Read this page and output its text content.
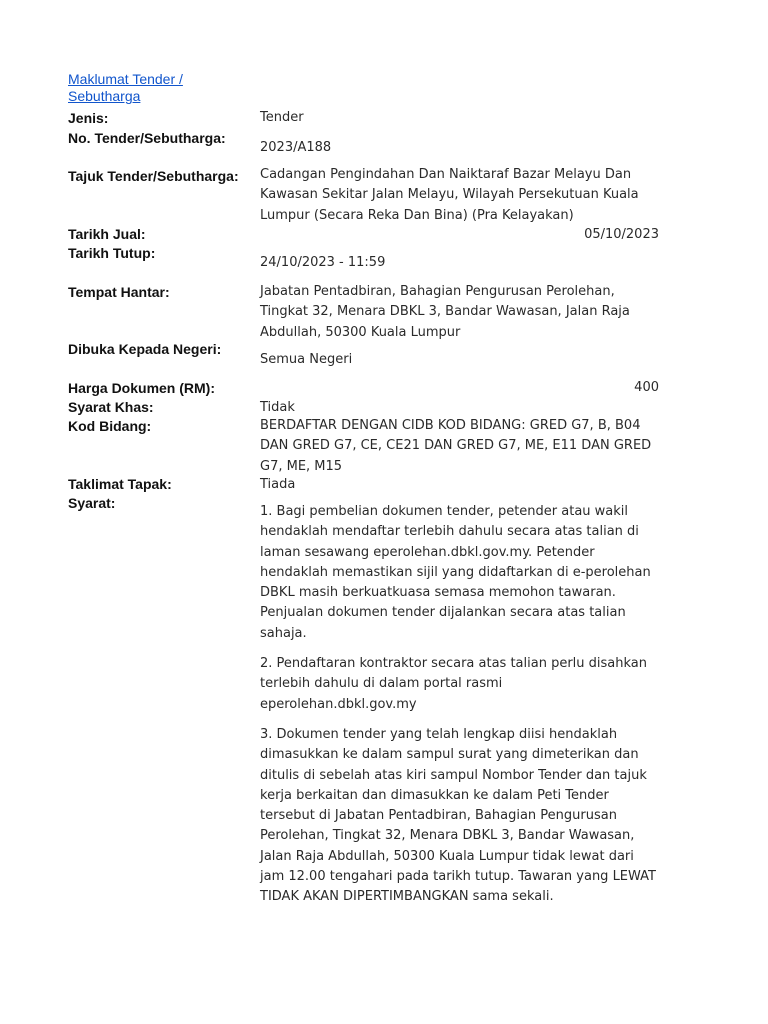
Maklumat Tender /
Sebutharga
Jenis:	Tender
No. Tender/Sebutharga:
2023/A188
Tajuk Tender/Sebutharga: Cadangan Pengindahan Dan Naiktaraf Bazar Melayu Dan Kawasan Sekitar Jalan Melayu, Wilayah Persekutuan Kuala Lumpur (Secara Reka Dan Bina) (Pra Kelayakan)
Tarikh Jual:	05/10/2023
Tarikh Tutup:
24/10/2023 - 11:59
Tempat Hantar:	Jabatan Pentadbiran, Bahagian Pengurusan Perolehan, Tingkat 32, Menara DBKL 3, Bandar Wawasan, Jalan Raja Abdullah, 50300 Kuala Lumpur
Dibuka Kepada Negeri:
Semua Negeri
Harga Dokumen (RM):	400
Syarat Khas:	Tidak
Kod Bidang:	BERDAFTAR DENGAN CIDB KOD BIDANG: GRED G7, B, B04 DAN GRED G7, CE, CE21 DAN GRED G7, ME, E11 DAN GRED G7, ME, M15
Taklimat Tapak:	Tiada
Syarat:
1. Bagi pembelian dokumen tender, petender atau wakil hendaklah mendaftar terlebih dahulu secara atas talian di laman sesawang eperolehan.dbkl.gov.my. Petender hendaklah memastikan sijil yang didaftarkan di e-perolehan DBKL masih berkuatkuasa semasa memohon tawaran. Penjualan dokumen tender dijalankan secara atas talian sahaja.
2. Pendaftaran kontraktor secara atas talian perlu disahkan terlebih dahulu di dalam portal rasmi eperolehan.dbkl.gov.my
3. Dokumen tender yang telah lengkap diisi hendaklah dimasukkan ke dalam sampul surat yang dimeterikan dan ditulis di sebelah atas kiri sampul Nombor Tender dan tajuk kerja berkaitan dan dimasukkan ke dalam Peti Tender tersebut di Jabatan Pentadbiran, Bahagian Pengurusan Perolehan, Tingkat 32, Menara DBKL 3, Bandar Wawasan, Jalan Raja Abdullah, 50300 Kuala Lumpur tidak lewat dari jam 12.00 tengahari pada tarikh tutup. Tawaran yang LEWAT TIDAK AKAN DIPERTIMBANGKAN sama sekali.
